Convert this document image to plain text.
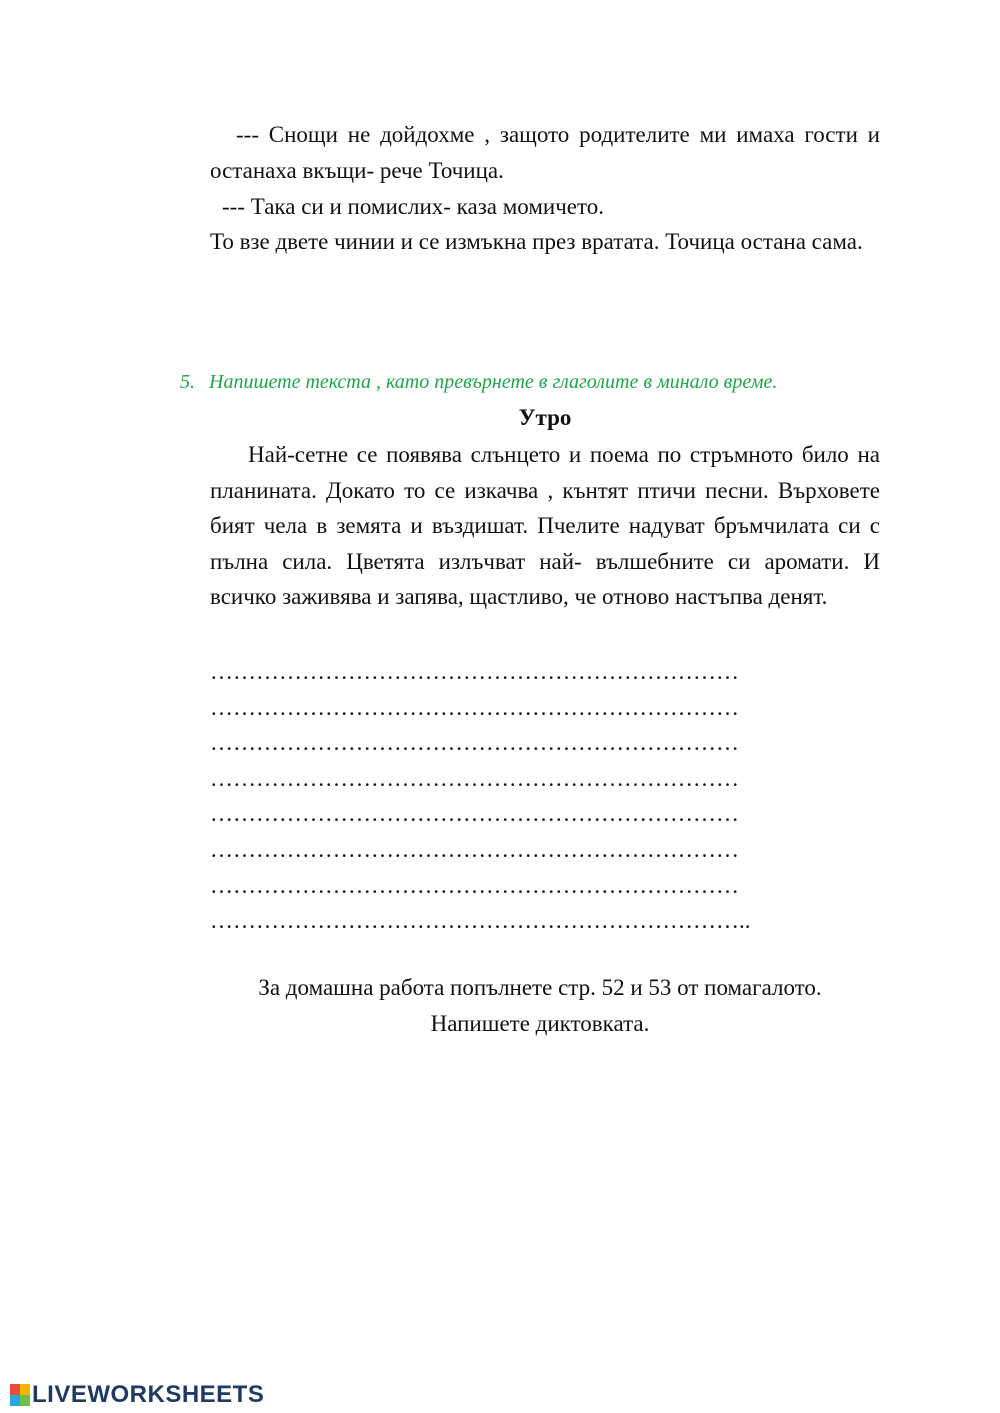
--- Снощи не дойдохме , защото родителите ми имаха гости и останаха вкъщи- рече Точица.
--- Така си и помислих- каза момичето.
То взе двете чинии и се измъкна през вратата. Точица остана сама.
5. Напишете текста , като превърнете в глаголите в минало време.
Утро
Най-сетне се появява слънцето и поема по стръмното било на планината. Докато то се изкачва , кънтят птичи песни. Върховете бият чела в земята и въздишат. Пчелите надуват бръмчилата си с пълна сила. Цветята излъчват най- вълшебните си аромати. И всичко заживява и запява, щастливо, че отново настъпва денят.
……………………………………………………………
……………………………………………………………
……………………………………………………………
……………………………………………………………
……………………………………………………………
……………………………………………………………
……………………………………………………………
……………………………………………………………..
За домашна работа попълнете стр. 52 и 53 от помагалото.
Напишете диктовката.
LIVEWORKSHEETS
